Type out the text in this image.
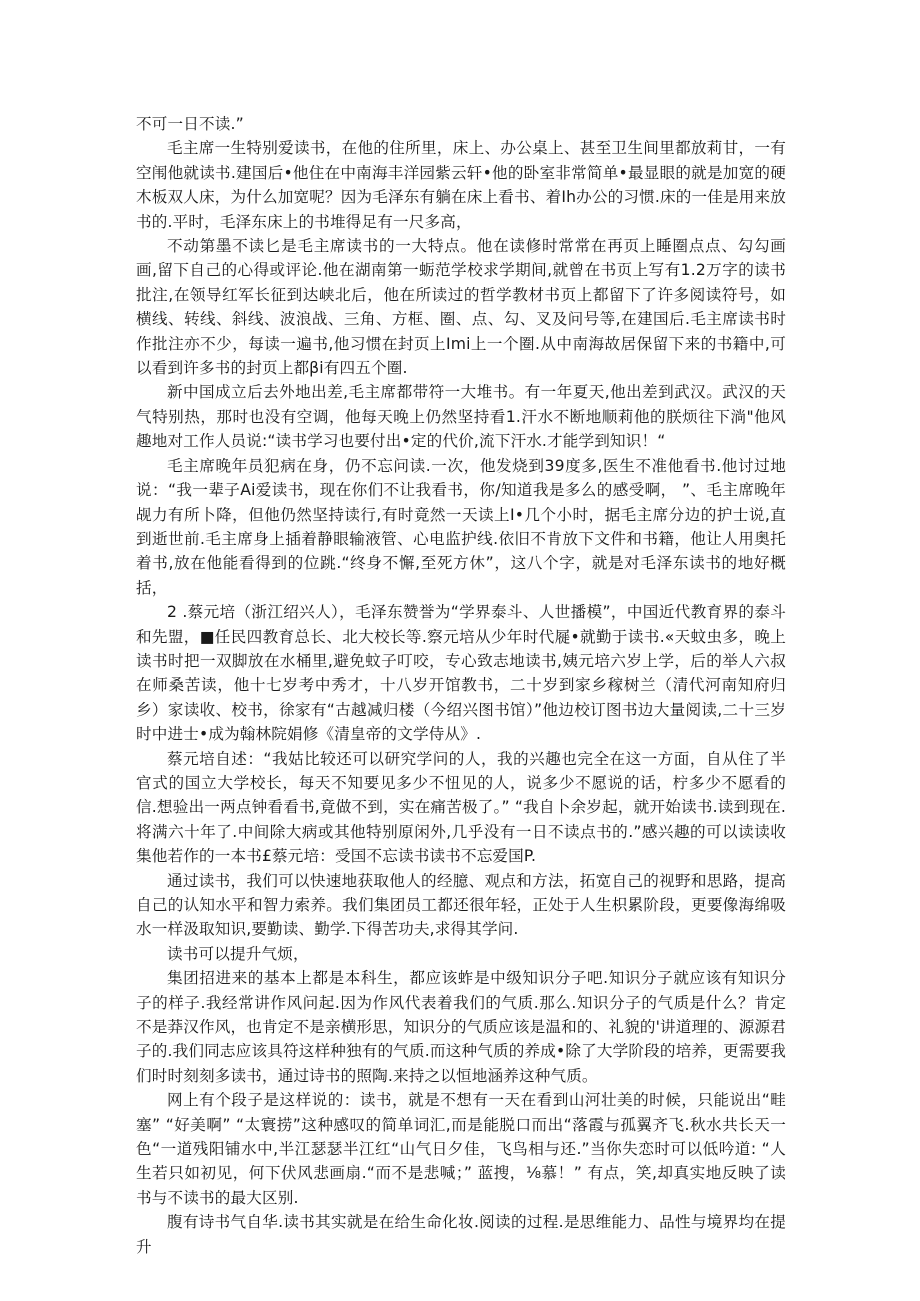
不可一日不读.”

毛主席一生特别爱读书，在他的住所里，床上、办公桌上、甚至卫生间里都放莉甘，一有空闱他就读书.建国后•他住在中南海丰洋园紫云轩•他的卧室非常简单•最显眼的就是加宽的硬木板双人床，为什么加宽呢？因为毛泽东有躺在床上看书、着Ih办公的习惯.床的一佳是用来放书的.平时，毛泽东床上的书堆得足有一尺多高，

不动第墨不读匕是毛主席读书的一大特点。他在读修时常常在再页上睡圈点点、勾勾画画,留下自己的心得或评论.他在湖南第一蛎范学校求学期间,就曾在书页上写有1.2万字的读书批注,在领导红军长征到达峡北后，他在所读过的哲学教材书页上都留下了许多阅读符号，如横线、转线、斜线、波浪战、三角、方框、圈、点、勾、叉及问号等,在建国后.毛主席读书时作批注亦不少，每读一遍书,他习惯在封页上Imi上一个圈.从中南海故居保留下来的书籍中,可以看到许多书的封页上都βi有四五个圈.

新中国成立后去外地出差,毛主席都带符一大堆书。有一年夏天,他出差到武汉。武汉的天气特别热，那时也没有空调，他每天晚上仍然坚持看1.汗水不断地顺莉他的朕烦往下淌"他风趣地对工作人员说:“读书学习也要付出•定的代价,流下汗水.才能学到知识！“

毛主席晚年员犯病在身，仍不忘问读.一次，他发烧到39度多,医生不准他看书.他讨过地说：“我一辈子Ai爱读书，现在你们不让我看书，你/知道我是多么的感受啊， ”、毛主席晚年觇力有所卜降，但他仍然坚持读行,有时竟然一天读上I•几个小时，据毛主席分边的护士说,直到逝世前.毛主席身上插着静眼输液管、心电监护线.依旧不肯放下文件和书籍，他让人用奥托着书,放在他能看得到的位跳.“终身不懈,至死方休”，这八个字，就是对毛泽东读书的地好概括，

2 .蔡元培（浙江绍兴人），毛泽东赞誉为“学界泰斗、人世播模”，中国近代教育界的泰斗和先盟，■任民四教育总长、北大校长等.察元培从少年时代屣•就勤于读书.«天蚊虫多，晚上读书时把一双脚放在水桶里,避免蚊子叮咬，专心致志地读书,姨元培六岁上学，后的举人六叔在师桑苦读，他十七岁考中秀才，十八岁开馆教书，二十岁到家乡稼树兰（清代河南知府归乡）家读收、校书，徐家有“古越减归楼（今绍兴图书馆）”他边校订图书边大量阅读,二十三岁时中进士•成为翰林院娟修《清皇帝的文学侍从》.

蔡元培自述：“我姑比较还可以研究学问的人，我的兴趣也完全在这一方面，自从住了半官式的国立大学校长，每天不知要见多少不忸见的人，说多少不愿说的话，柠多少不愿看的信.想验出一两点钟看看书,竟做不到，实在痛苦极了。” “我自卜余岁起，就开始读书.读到现在.将满六十年了.中间除大病或其他特别原闲外,几乎没有一日不读点书的.”感兴趣的可以读读收集他若作的一本书£蔡元培：受国不忘读书读书不忘爱国P.

通过读书，我们可以快速地获取他人的经臆、观点和方法，拓宽自己的视野和思路，提高自己的认知水平和智力索养。我们集团员工都还很年轻，正处于人生枳累阶段，更要像海绵吸水一样汲取知识,要勤读、勤学.下得苦功夫,求得其学问.

读书可以提升气烦，

集团招进来的基本上都是本科生，都应该蚱是中级知识分子吧.知识分子就应该有知识分子的样子.我经常讲作风问起.因为作风代表着我们的气质.那么.知识分子的气质是什么？肯定不是莽汉作风，也肯定不是亲横形思，知识分的气质应该是温和的、礼貌的'讲道理的、源源君子的.我们同志应该具符这样种独有的气质.而这种气质的养成•除了大学阶段的培养，更需要我们时时刻刻多读书，通过诗书的照陶.来持之以恒地涵养这种气质。

网上有个段子是这样说的：读书，就是不想有一天在看到山河壮美的时候，只能说出“畦塞” “好美啊” “太寰捞”这种感叹的简单词汇,而是能脱口而出“落霞与孤翼齐飞.秋水共长天一色“一道残阳铺水中,半江瑟瑟半江红“山气日夕佳，飞鸟相与还.”当你失恋时可以低吟道: “人生若只如初见，何下伏风悲画扇.“而不是悲喊；” 蓝搜，⅛慕！” 有点，笑,却真实地反映了读书与不读书的最大区别.

腹有诗书气自华.读书其实就是在给生命化妆.阅读的过程.是思维能力、品性与境界均在提升
